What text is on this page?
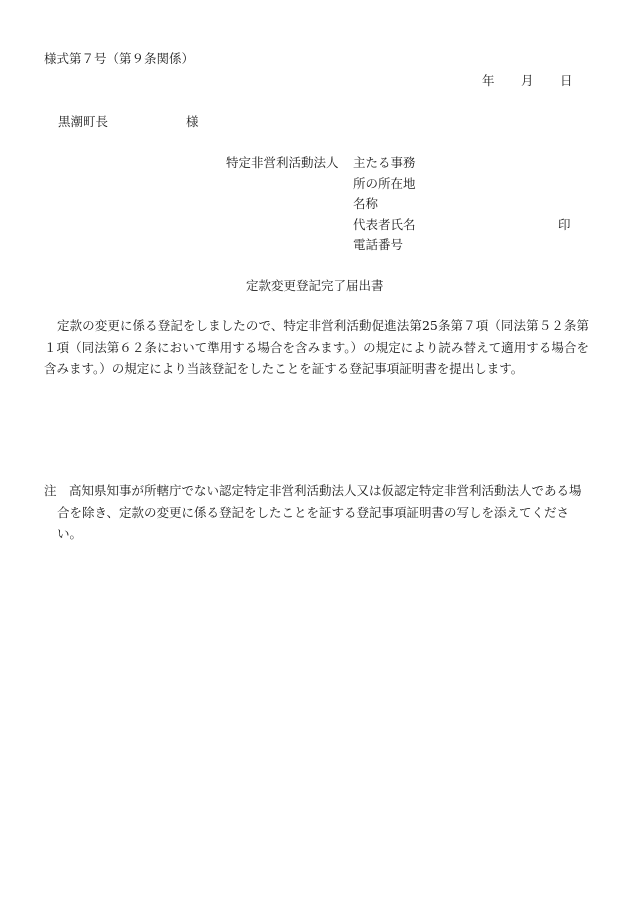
様式第７号（第９条関係）
年 月 日
黒潮町長	様
特定非営利活動法人 主たる事務
所の所在地
名称
代表者氏名	印
電話番号
定款変更登記完了届出書
定款の変更に係る登記をしましたので、特定非営利活動促進法第25条第７項（同法第５２条第１項（同法第６２条において準用する場合を含みます。）の規定により読み替えて適用する場合を含みます。）の規定により当該登記をしたことを証する登記事項証明書を提出します。
注　 高知県知事が所轄庁でない認定特定非営利活動法人又は仮認定特定非営利活動法人である場合を除き、定款の変更に係る登記をしたことを証する登記事項証明書の写しを添えてください。
